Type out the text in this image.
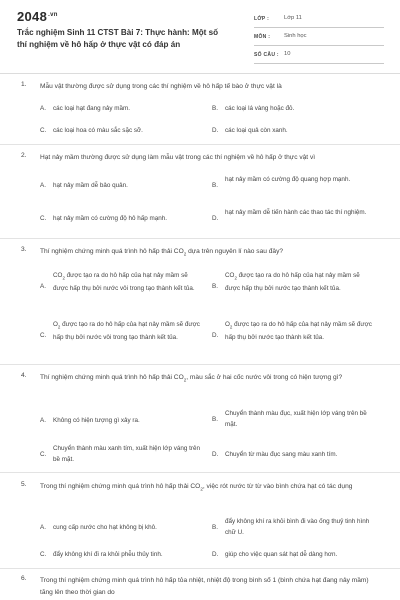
$2048^{.vn}$
Trắc nghiệm Sinh 11 CTST Bài 7: Thực hành: Một số thí nghiệm về hô hấp ở thực vật có đáp án
LỚP :	Lớp 11
MÔN : Sinh học
SỐ CÂU : 10
1. Mẫu vật thường được sử dụng trong các thí nghiệm về hô hấp tế bào ở thực vật là
A. các loại hạt đang nảy mầm.	B. các loại lá vàng hoặc đỏ.
C. các loại hoa có màu sắc sặc sỡ.	D. các loại quả còn xanh.
2. Hạt nảy mầm thường được sử dụng làm mẫu vật trong các thí nghiệm về hô hấp ở thực vật vì
A. hạt nảy mầm dễ bảo quản.	B.
hạt nảy mầm có cường độ quang hợp mạnh.
C. hạt nảy mầm có cường độ hô hấp mạnh.	D.
hạt nảy mầm dễ tiến hành các thao tác thí nghiệm.
3. Thí nghiệm chứng minh quá trình hô hấp thải $CO_2$ dựa trên nguyên lí nào sau đây?
A.
$CO_2$ được tạo ra do hô hấp của hạt nảy mầm sẽ được hấp thụ bởi nước vôi trong tạo thành kết tủa.	B.
$CO_2$ được tạo ra do hô hấp của hạt nảy mầm sẽ được hấp thụ bởi nước tạo thành kết tủa.
C.
$O_2$ được tạo ra do hô hấp của hạt nảy mầm sẽ được hấp thụ bởi nước vôi trong tạo thành kết tủa.	D.
$O_2$ được tạo ra do hô hấp của hạt nảy mầm sẽ được hấp thụ bởi nước tạo thành kết tủa.
4. Thí nghiệm chứng minh quá trình hô hấp thải $CO_2$, màu sắc ở hai cốc nước vôi trong có hiện tượng gì?
A. Không có hiện tượng gì xảy ra.	B.
Chuyển thành màu đục, xuất hiện lớp váng trên bề mặt.
C.
Chuyển thành màu xanh tím, xuất hiện lớp váng trên bề mặt.
D. Chuyển từ màu đục sang màu xanh tím.
5. Trong thí nghiệm chứng minh quá trình hô hấp thải $CO_2$, việc rót nước từ từ vào bình chứa hạt có tác dụng
A. cung cấp nước cho hạt không bị khô.	B.
đẩy không khí ra khỏi bình đi vào ống thuỷ tinh hình chữ U.
C. đẩy không khí đi ra khỏi phễu thủy tinh.	D. giúp cho việc quan sát hạt dễ dàng hơn.
6. Trong thí nghiệm chứng minh quá trình hô hấp tỏa nhiệt, nhiệt độ trong bình số 1 (bình chứa hạt đang nảy mầm) tăng lên theo thời gian do
